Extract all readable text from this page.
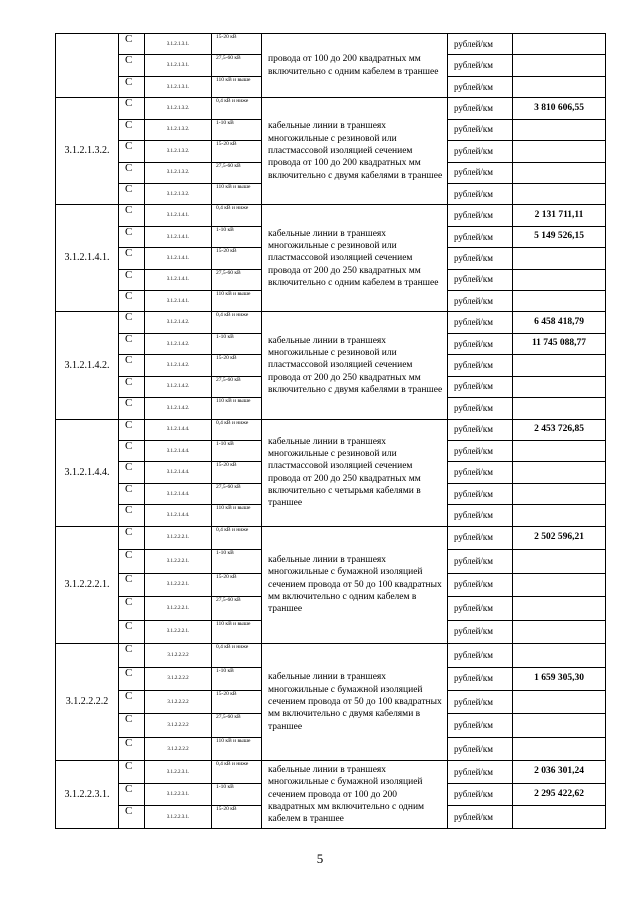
	С	3.1.2.1.3.1.	15-20 кВ	провода от 100 до 200 квадратных мм включительно с одним кабелем в траншее	рублей/км	
	С	3.1.2.1.3.1.	27,5-60 кВ		рублей/км	
	С	3.1.2.1.3.1.	110 кВ и выше		рублей/км	
3.1.2.1.3.2.	С	3.1.2.1.3.2.	0,4 кВ и ниже	кабельные линии в траншеях многожильные с резиновой или пластмассовой изоляцией сечением провода от 100 до 200 квадратных мм включительно с двумя кабелями в траншее	рублей/км	3 810 606,55
	С	3.1.2.1.3.2.	1-10 кВ		рублей/км	
	С	3.1.2.1.3.2.	15-20 кВ		рублей/км	
	С	3.1.2.1.3.2.	27,5-60 кВ		рублей/км	
	С	3.1.2.1.3.2.	110 кВ и выше		рублей/км	
3.1.2.1.4.1.	С	3.1.2.1.4.1.	0,4 кВ и ниже	кабельные линии в траншеях многожильные с резиновой или пластмассовой изоляцией сечением провода от 200 до 250 квадратных мм включительно с одним кабелем в траншее	рублей/км	2 131 711,11
	С	3.1.2.1.4.1.	1-10 кВ		рублей/км	5 149 526,15
	С	3.1.2.1.4.1.	15-20 кВ		рублей/км	
	С	3.1.2.1.4.1.	27,5-60 кВ		рублей/км	
	С	3.1.2.1.4.1.	110 кВ и выше		рублей/км	
3.1.2.1.4.2.	С	3.1.2.1.4.2.	0,4 кВ и ниже	кабельные линии в траншеях многожильные с резиновой или пластмассовой изоляцией сечением провода от 200 до 250 квадратных мм включительно с двумя кабелями в траншее	рублей/км	6 458 418,79
	С	3.1.2.1.4.2.	1-10 кВ		рублей/км	11 745 088,77
	С	3.1.2.1.4.2.	15-20 кВ		рублей/км	
	С	3.1.2.1.4.2.	27,5-60 кВ		рублей/км	
	С	3.1.2.1.4.2.	110 кВ и выше		рублей/км	
3.1.2.1.4.4.	С	3.1.2.1.4.4.	0,4 кВ и ниже	кабельные линии в траншеях многожильные с резиновой или пластмассовой изоляцией сечением провода от 200 до 250 квадратных мм включительно с четырьмя кабелями в траншее	рублей/км	2 453 726,85
	С	3.1.2.1.4.4.	1-10 кВ		рублей/км	
	С	3.1.2.1.4.4.	15-20 кВ		рублей/км	
	С	3.1.2.1.4.4.	27,5-60 кВ		рублей/км	
	С	3.1.2.1.4.4.	110 кВ и выше		рублей/км	
3.1.2.2.2.1.	С	3.1.2.2.2.1.	0,4 кВ и ниже	кабельные линии в траншеях многожильные с бумажной изоляцией сечением провода от 50 до 100 квадратных мм включительно с одним кабелем в траншее	рублей/км	2 502 596,21
	С	3.1.2.2.2.1.	1-10 кВ		рублей/км	
	С	3.1.2.2.2.1.	15-20 кВ		рублей/км	
	С	3.1.2.2.2.1.	27,5-60 кВ		рублей/км	
	С	3.1.2.2.2.1.	110 кВ и выше		рублей/км	
3.1.2.2.2.2	С	3.1.2.2.2.2	0,4 кВ и ниже	кабельные линии в траншеях многожильные с бумажной изоляцией сечением провода от 50 до 100 квадратных мм включительно с двумя кабелями в траншее	рублей/км	
	С	3.1.2.2.2.2	1-10 кВ		рублей/км	1 659 305,30
	С	3.1.2.2.2.2	15-20 кВ		рублей/км	
	С	3.1.2.2.2.2	27,5-60 кВ		рублей/км	
	С	3.1.2.2.2.2	110 кВ и выше		рублей/км	
3.1.2.2.3.1.	С	3.1.2.2.3.1.	0,4 кВ и ниже	кабельные линии в траншеях многожильные с бумажной изоляцией сечением провода от 100 до 200 квадратных мм включительно с одним кабелем в траншее	рублей/км	2 036 301,24
	С	3.1.2.2.3.1.	1-10 кВ		рублей/км	2 295 422,62
	С	3.1.2.2.3.1.	15-20 кВ		рублей/км	
5
